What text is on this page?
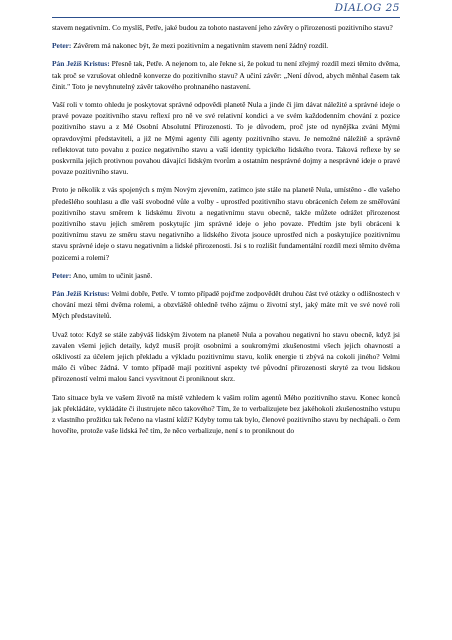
DIALOG 25

stavem negativním. Co myslíš, Petře, jaké budou za tohoto nastavení jeho závěry o přirozenosti pozitivního stavu?

Peter: Závěrem má nakonec být, že mezi pozitivním a negativním stavem není žádný rozdíl.

Pán Ježíš Kristus: Přesně tak, Petře. A nejenom to, ale řekne si, že pokud tu není zřejmý rozdíl mezi těmito dvěma, tak proč se vzrušovat ohledně konverze do pozitivního stavu? A učiní závěr: „Není důvod, abych měnhal časem tak činit." Toto je nevyhnutelný závěr takového prohnaného nastavení.

Vaší roli v tomto ohledu je poskytovat správné odpovědi planetě Nula a jinde či jim dávat náležité a správné ideje o pravé povaze pozitivního stavu reflexí pro ně ve své relativní kondici a ve svém každodenním chování z pozice pozitivního stavu a z Mé Osobní Absolutní Přirozenosti. To je důvodem, proč jste od nynějška zváni Mými opravdovými představiteli, a již ne Mými agenty čili agenty pozitivního stavu. Je nemožné náležitě a správně reflektovat tuto povahu z pozice negativního stavu a vaší identity typického lidského tvora. Taková reflexe by se poskvrnila jejich protivnou povahou dávající lidským tvorům a ostatním nesprávné dojmy a nesprávné ideje o pravé povaze pozitivního stavu.

Proto je několik z vás spojených s mým Novým zjevením, zatímco jste stále na planetě Nula, umístěno - dle vašeho předešlého souhlasu a dle vaší svobodné vůle a volby - uprostřed pozitivního stavu obráceních čelem ze směřování pozitivního stavu směrem k lidskému životu a negativnímu stavu obecně, takže můžete odrážet přirozenost pozitivního stavu jejich směrem poskytujíc jim správné ideje o jeho povaze. Předtím jste byli obráceni k pozitivnímu stavu ze směru stavu negativního a lidského života jsouce uprostřed nich a poskytujíce pozitivnímu stavu správné ideje o stavu negativním a lidské přirozenosti. Jsi s to rozlišit fundamentální rozdíl mezi těmito dvěma pozicemi a rolemi?

Peter: Ano, umím to učinit jasně.

Pán Ježíš Kristus: Velmi dobře, Petře. V tomto případě pojďme zodpovědět druhou část tvé otázky o odlišnostech v chování mezi těmi dvěma rolemi, a obzvláště ohledně tvého zájmu o životní styl, jaký máte mít ve své nové roli Mých představitelů.

Uvaž toto: Když se stále zabýváš lidským životem na planetě Nula a povahou negativní ho stavu obecně, když jsi zavalen všemi jejich detaily, když musíš projít osobními a soukromými zkušenostmi všech jejich ohavností a ošklivostí za účelem jejich překladu a výkladu pozitivnímu stavu, kolik energie ti zbývá na cokoli jiného? Velmi málo či vůbec žádná. V tomto případě mají pozitivní aspekty tvé původní přirozenosti skryté za tvou lidskou přirozeností velmi malou šanci vysvitnout či proniknout skrz.

Tato situace byla ve vašem životě na místě vzhledem k vašim rolím agentů Mého pozitivního stavu. Konec konců jak překládáte, vykládáte či ilustrujete něco takového? Tím, že to verbalizujete bez jakéhokoli zkušenostního vstupu z vlastního prožitku tak řečeno na vlastní kůži? Kdyby tomu tak bylo, členové pozitivního stavu by nechápali. o čem hovoříte, protože vaše lidská řeč tím, že něco verbalizuje, není s to proniknout do
